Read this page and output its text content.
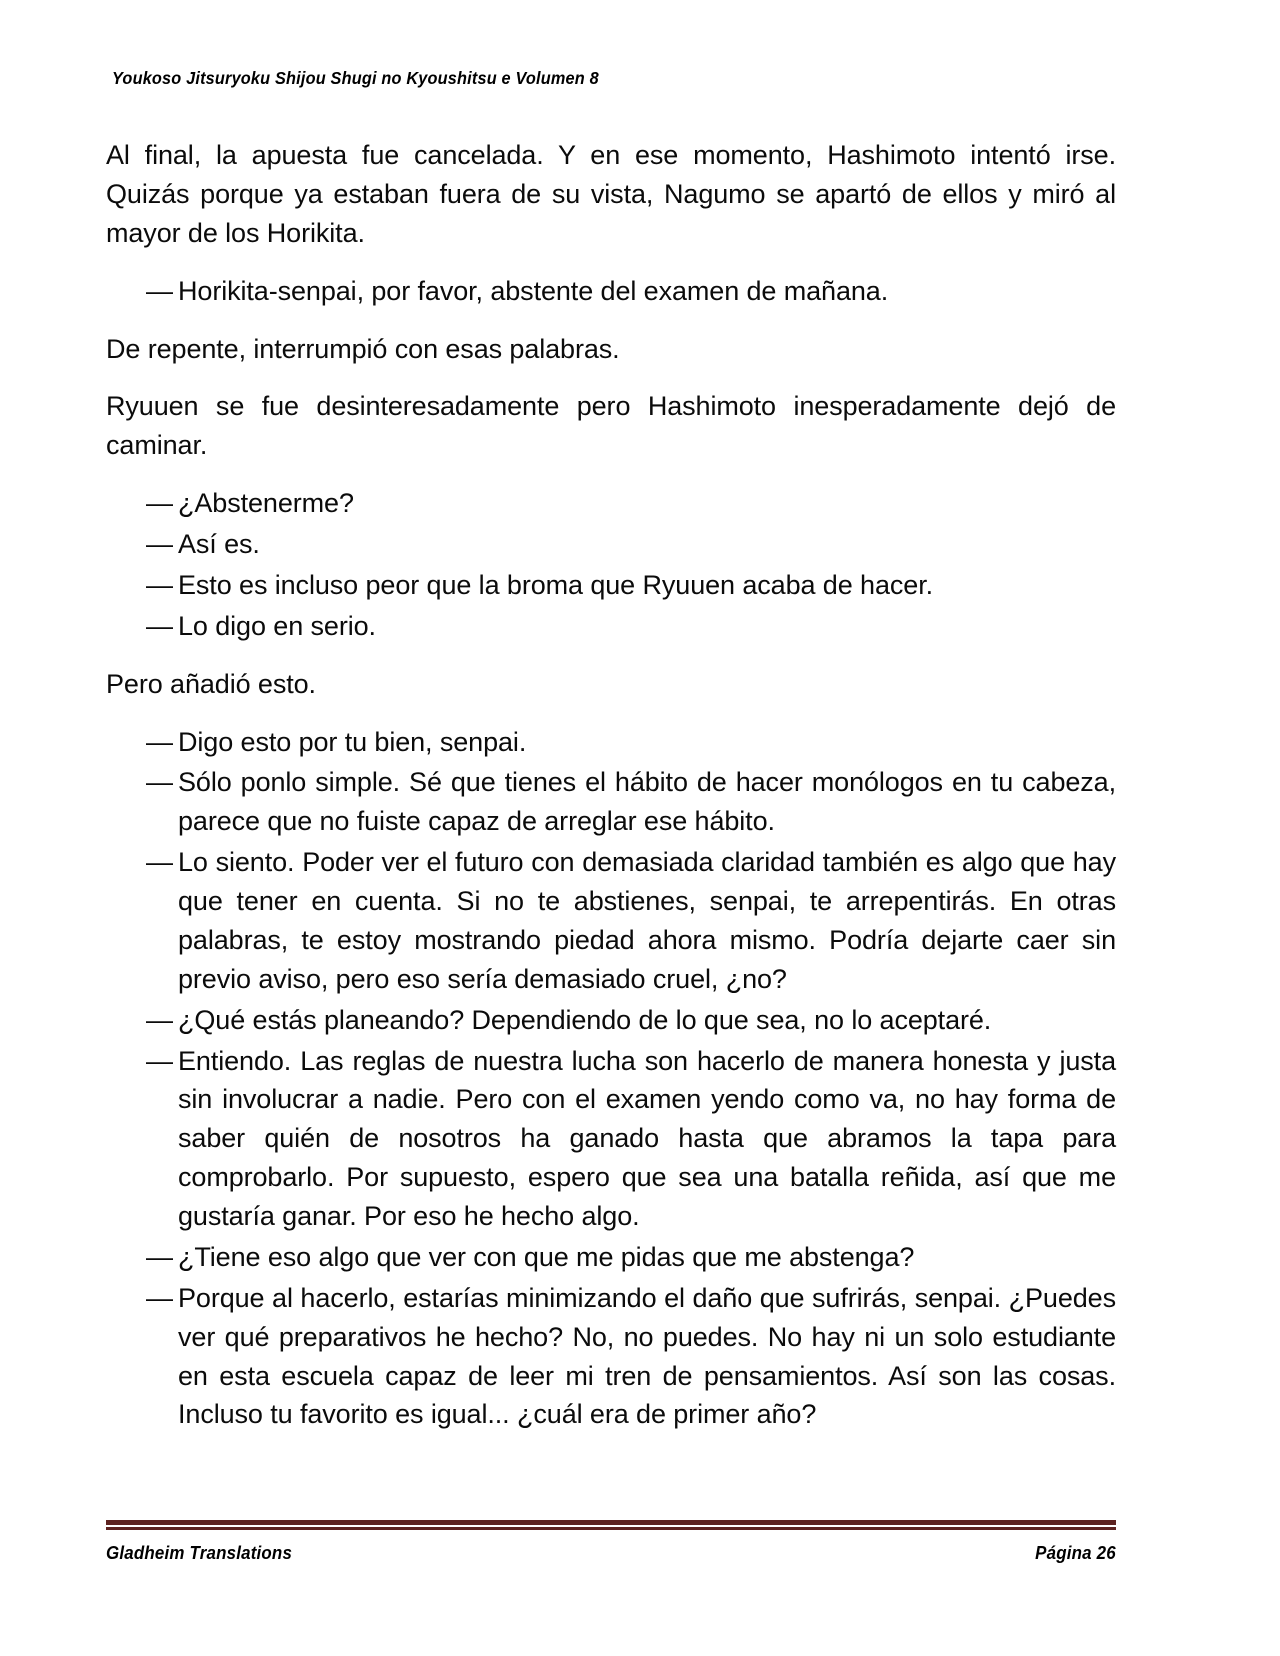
Youkoso Jitsuryoku Shijou Shugi no Kyoushitsu e Volumen 8

Al final, la apuesta fue cancelada. Y en ese momento, Hashimoto intentó irse. Quizás porque ya estaban fuera de su vista, Nagumo se apartó de ellos y miró al mayor de los Horikita.

— Horikita-senpai, por favor, abstente del examen de mañana.

De repente, interrumpió con esas palabras.

Ryuuen se fue desinteresadamente pero Hashimoto inesperadamente dejó de caminar.

— ¿Abstenerme?
— Así es.
— Esto es incluso peor que la broma que Ryuuen acaba de hacer.
— Lo digo en serio.

Pero añadió esto.

— Digo esto por tu bien, senpai.
— Sólo ponlo simple. Sé que tienes el hábito de hacer monólogos en tu cabeza, parece que no fuiste capaz de arreglar ese hábito.
— Lo siento. Poder ver el futuro con demasiada claridad también es algo que hay que tener en cuenta. Si no te abstienes, senpai, te arrepentirás. En otras palabras, te estoy mostrando piedad ahora mismo. Podría dejarte caer sin previo aviso, pero eso sería demasiado cruel, ¿no?
— ¿Qué estás planeando? Dependiendo de lo que sea, no lo aceptaré.
— Entiendo. Las reglas de nuestra lucha son hacerlo de manera honesta y justa sin involucrar a nadie. Pero con el examen yendo como va, no hay forma de saber quién de nosotros ha ganado hasta que abramos la tapa para comprobarlo. Por supuesto, espero que sea una batalla reñida, así que me gustaría ganar. Por eso he hecho algo.
— ¿Tiene eso algo que ver con que me pidas que me abstenga?
— Porque al hacerlo, estarías minimizando el daño que sufrirás, senpai. ¿Puedes ver qué preparativos he hecho? No, no puedes. No hay ni un solo estudiante en esta escuela capaz de leer mi tren de pensamientos. Así son las cosas. Incluso tu favorito es igual... ¿cuál era de primer año?
Gladheim Translations	Página 26
